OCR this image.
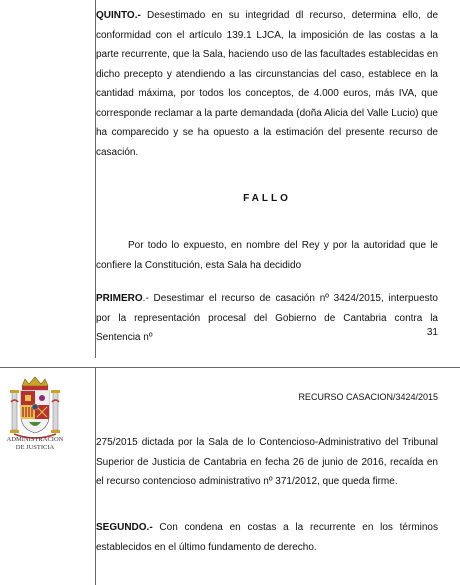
QUINTO.- Desestimado en su integridad dl recurso, determina ello, de conformidad con el artículo 139.1 LJCA, la imposición de las costas a la parte recurrente, que la Sala, haciendo uso de las facultades establecidas en dicho precepto y atendiendo a las circunstancias del caso, establece en la cantidad máxima, por todos los conceptos, de 4.000 euros, más IVA, que corresponde reclamar a la parte demandada (doña Alicia del Valle Lucio) que ha comparecido y se ha opuesto a la estimación del presente recurso de casación.

FALLO

Por todo lo expuesto, en nombre del Rey y por la autoridad que le confiere la Constitución, esta Sala ha decidido

PRIMERO.- Desestimar el recurso de casación nº 3424/2015, interpuesto por la representación procesal del Gobierno de Cantabria contra la Sentencia nº	31

ADMINISTRACION
DE JUSTICIA

RECURSO CASACION/3424/2015

275/2015 dictada por la Sala de lo Contencioso-Administrativo del Tribunal Superior de Justicia de Cantabria en fecha 26 de junio de 2016, recaída en el recurso contencioso administrativo nº 371/2012, que queda firme.

SEGUNDO.- Con condena en costas a la recurrente en los términos establecidos en el último fundamento de derecho.
